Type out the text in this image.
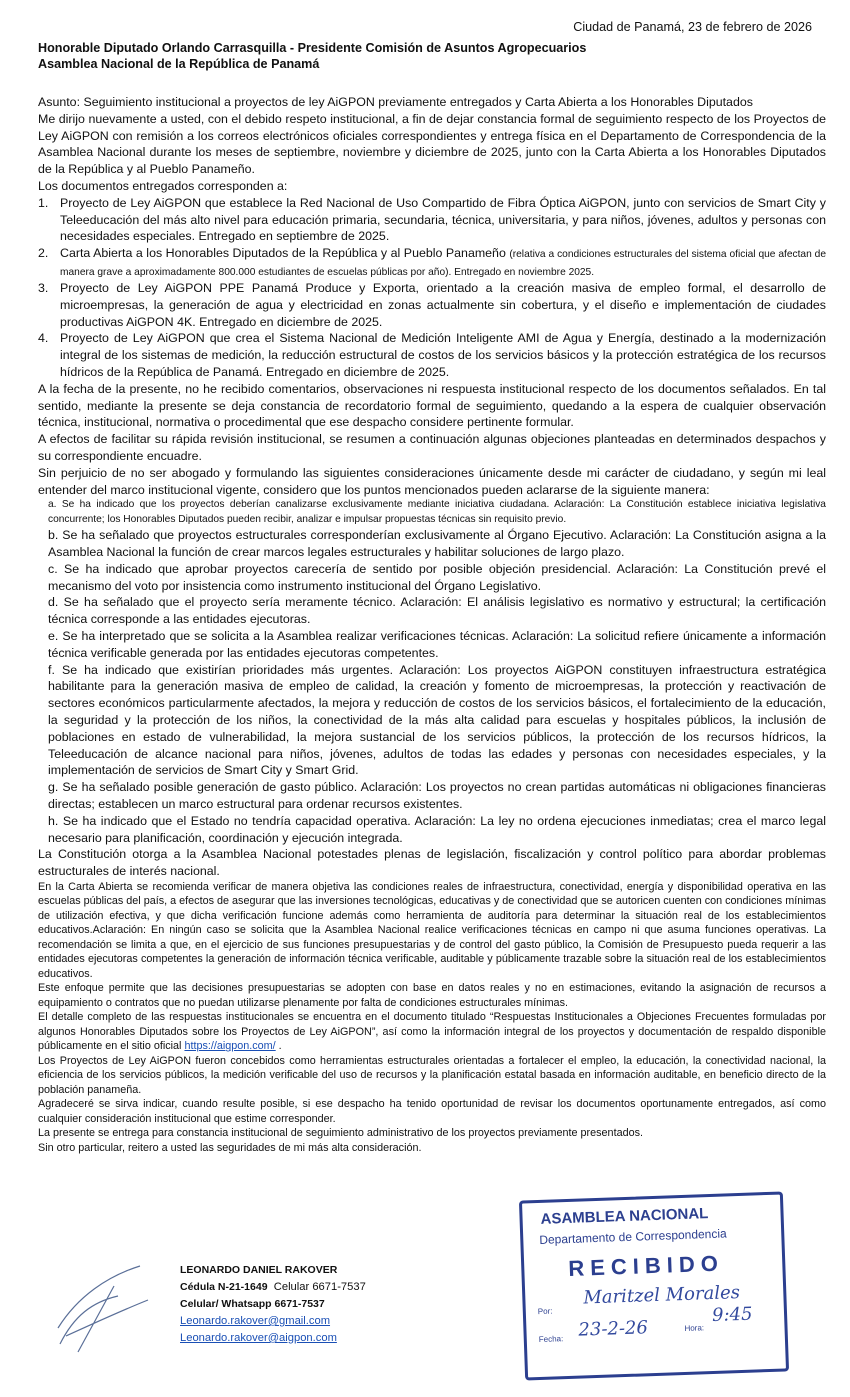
Ciudad de Panamá, 23 de febrero de 2026
Honorable Diputado Orlando Carrasquilla - Presidente Comisión de Asuntos Agropecuarios
Asamblea Nacional de la República de Panamá

Asunto: Seguimiento institucional a proyectos de ley AiGPON previamente entregados y Carta Abierta a los Honorables Diputados

Me dirijo nuevamente a usted, con el debido respeto institucional, a fin de dejar constancia formal de seguimiento respecto de los Proyectos de Ley AiGPON con remisión a los correos electrónicos oficiales correspondientes y entrega física en el Departamento de Correspondencia de la Asamblea Nacional durante los meses de septiembre, noviembre y diciembre de 2025, junto con la Carta Abierta a los Honorables Diputados de la República y al Pueblo Panameño.

Los documentos entregados corresponden a:

1. Proyecto de Ley AiGPON que establece la Red Nacional de Uso Compartido de Fibra Óptica AiGPON, junto con servicios de Smart City y Teleeducación del más alto nivel para educación primaria, secundaria, técnica, universitaria, y para niños, jóvenes, adultos y personas con necesidades especiales. Entregado en septiembre de 2025.
2. Carta Abierta a los Honorables Diputados de la República y al Pueblo Panameño (relativa a condiciones estructurales del sistema oficial que afectan de manera grave a aproximadamente 800.000 estudiantes de escuelas públicas por año). Entregado en noviembre 2025.
3. Proyecto de Ley AiGPON PPE Panamá Produce y Exporta, orientado a la creación masiva de empleo formal, el desarrollo de microempresas, la generación de agua y electricidad en zonas actualmente sin cobertura, y el diseño e implementación de ciudades productivas AiGPON 4K. Entregado en diciembre de 2025.
4. Proyecto de Ley AiGPON que crea el Sistema Nacional de Medición Inteligente AMI de Agua y Energía, destinado a la modernización integral de los sistemas de medición, la reducción estructural de costos de los servicios básicos y la protección estratégica de los recursos hídricos de la República de Panamá. Entregado en diciembre de 2025.

A la fecha de la presente, no he recibido comentarios, observaciones ni respuesta institucional respecto de los documentos señalados. En tal sentido, mediante la presente se deja constancia de recordatorio formal de seguimiento, quedando a la espera de cualquier observación técnica, institucional, normativa o procedimental que ese despacho considere pertinente formular.

A efectos de facilitar su rápida revisión institucional, se resumen a continuación algunas objeciones planteadas en determinados despachos y su correspondiente encuadre.

Sin perjuicio de no ser abogado y formulando las siguientes consideraciones únicamente desde mi carácter de ciudadano, y según mi leal entender del marco institucional vigente, considero que los puntos mencionados pueden aclararse de la siguiente manera:

a. Se ha indicado que los proyectos deberían canalizarse exclusivamente mediante iniciativa ciudadana. Aclaración: La Constitución establece iniciativa legislativa concurrente; los Honorables Diputados pueden recibir, analizar e impulsar propuestas técnicas sin requisito previo.

b. Se ha señalado que proyectos estructurales corresponderían exclusivamente al Órgano Ejecutivo. Aclaración: La Constitución asigna a la Asamblea Nacional la función de crear marcos legales estructurales y habilitar soluciones de largo plazo.

c. Se ha indicado que aprobar proyectos carecería de sentido por posible objeción presidencial. Aclaración: La Constitución prevé el mecanismo del voto por insistencia como instrumento institucional del Órgano Legislativo.

d. Se ha señalado que el proyecto sería meramente técnico. Aclaración: El análisis legislativo es normativo y estructural; la certificación técnica corresponde a las entidades ejecutoras.

e. Se ha interpretado que se solicita a la Asamblea realizar verificaciones técnicas. Aclaración: La solicitud refiere únicamente a información técnica verificable generada por las entidades ejecutoras competentes.

f. Se ha indicado que existirían prioridades más urgentes. Aclaración: Los proyectos AiGPON constituyen infraestructura estratégica habilitante para la generación masiva de empleo de calidad, la creación y fomento de microempresas, la protección y reactivación de sectores económicos particularmente afectados, la mejora y reducción de costos de los servicios básicos, el fortalecimiento de la educación, la seguridad y la protección de los niños, la conectividad de la más alta calidad para escuelas y hospitales públicos, la inclusión de poblaciones en estado de vulnerabilidad, la mejora sustancial de los servicios públicos, la protección de los recursos hídricos, la Teleeducación de alcance nacional para niños, jóvenes, adultos de todas las edades y personas con necesidades especiales, y la implementación de servicios de Smart City y Smart Grid.

g. Se ha señalado posible generación de gasto público. Aclaración: Los proyectos no crean partidas automáticas ni obligaciones financieras directas; establecen un marco estructural para ordenar recursos existentes.

h. Se ha indicado que el Estado no tendría capacidad operativa. Aclaración: La ley no ordena ejecuciones inmediatas; crea el marco legal necesario para planificación, coordinación y ejecución integrada.

La Constitución otorga a la Asamblea Nacional potestades plenas de legislación, fiscalización y control político para abordar problemas estructurales de interés nacional.

En la Carta Abierta se recomienda verificar de manera objetiva las condiciones reales de infraestructura, conectividad, energía y disponibilidad operativa en las escuelas públicas del país, a efectos de asegurar que las inversiones tecnológicas, educativas y de conectividad que se autoricen cuenten con condiciones mínimas de utilización efectiva, y que dicha verificación funcione además como herramienta de auditoría para determinar la situación real de los establecimientos educativos.Aclaración: En ningún caso se solicita que la Asamblea Nacional realice verificaciones técnicas en campo ni que asuma funciones operativas. La recomendación se limita a que, en el ejercicio de sus funciones presupuestarias y de control del gasto público, la Comisión de Presupuesto pueda requerir a las entidades ejecutoras competentes la generación de información técnica verificable, auditable y públicamente trazable sobre la situación real de los establecimientos educativos.

Este enfoque permite que las decisiones presupuestarias se adopten con base en datos reales y no en estimaciones, evitando la asignación de recursos a equipamiento o contratos que no puedan utilizarse plenamente por falta de condiciones estructurales mínimas.

El detalle completo de las respuestas institucionales se encuentra en el documento titulado “Respuestas Institucionales a Objeciones Frecuentes formuladas por algunos Honorables Diputados sobre los Proyectos de Ley AiGPON”, así como la información integral de los proyectos y documentación de respaldo disponible públicamente en el sitio oficial https://aigpon.com/ .

Los Proyectos de Ley AiGPON fueron concebidos como herramientas estructurales orientadas a fortalecer el empleo, la educación, la conectividad nacional, la eficiencia de los servicios públicos, la medición verificable del uso de recursos y la planificación estatal basada en información auditable, en beneficio directo de la población panameña.

Agradeceré se sirva indicar, cuando resulte posible, si ese despacho ha tenido oportunidad de revisar los documentos oportunamente entregados, así como cualquier consideración institucional que estime corresponder.

La presente se entrega para constancia institucional de seguimiento administrativo de los proyectos previamente presentados.

Sin otro particular, reitero a usted las seguridades de mi más alta consideración.

LEONARDO DANIEL RAKOVER
Cédula N-21-1649 Celular 6671-7537
Celular/ Whatsapp 6671-7537
Leonardo.rakover@gmail.com
Leonardo.rakover@aigpon.com
ASAMBLEA NACIONAL
Departamento de Correspondencia
RECIBIDO
Por:
Maritzel Morales
Fecha: 23-2-26	Hora:
9:45
